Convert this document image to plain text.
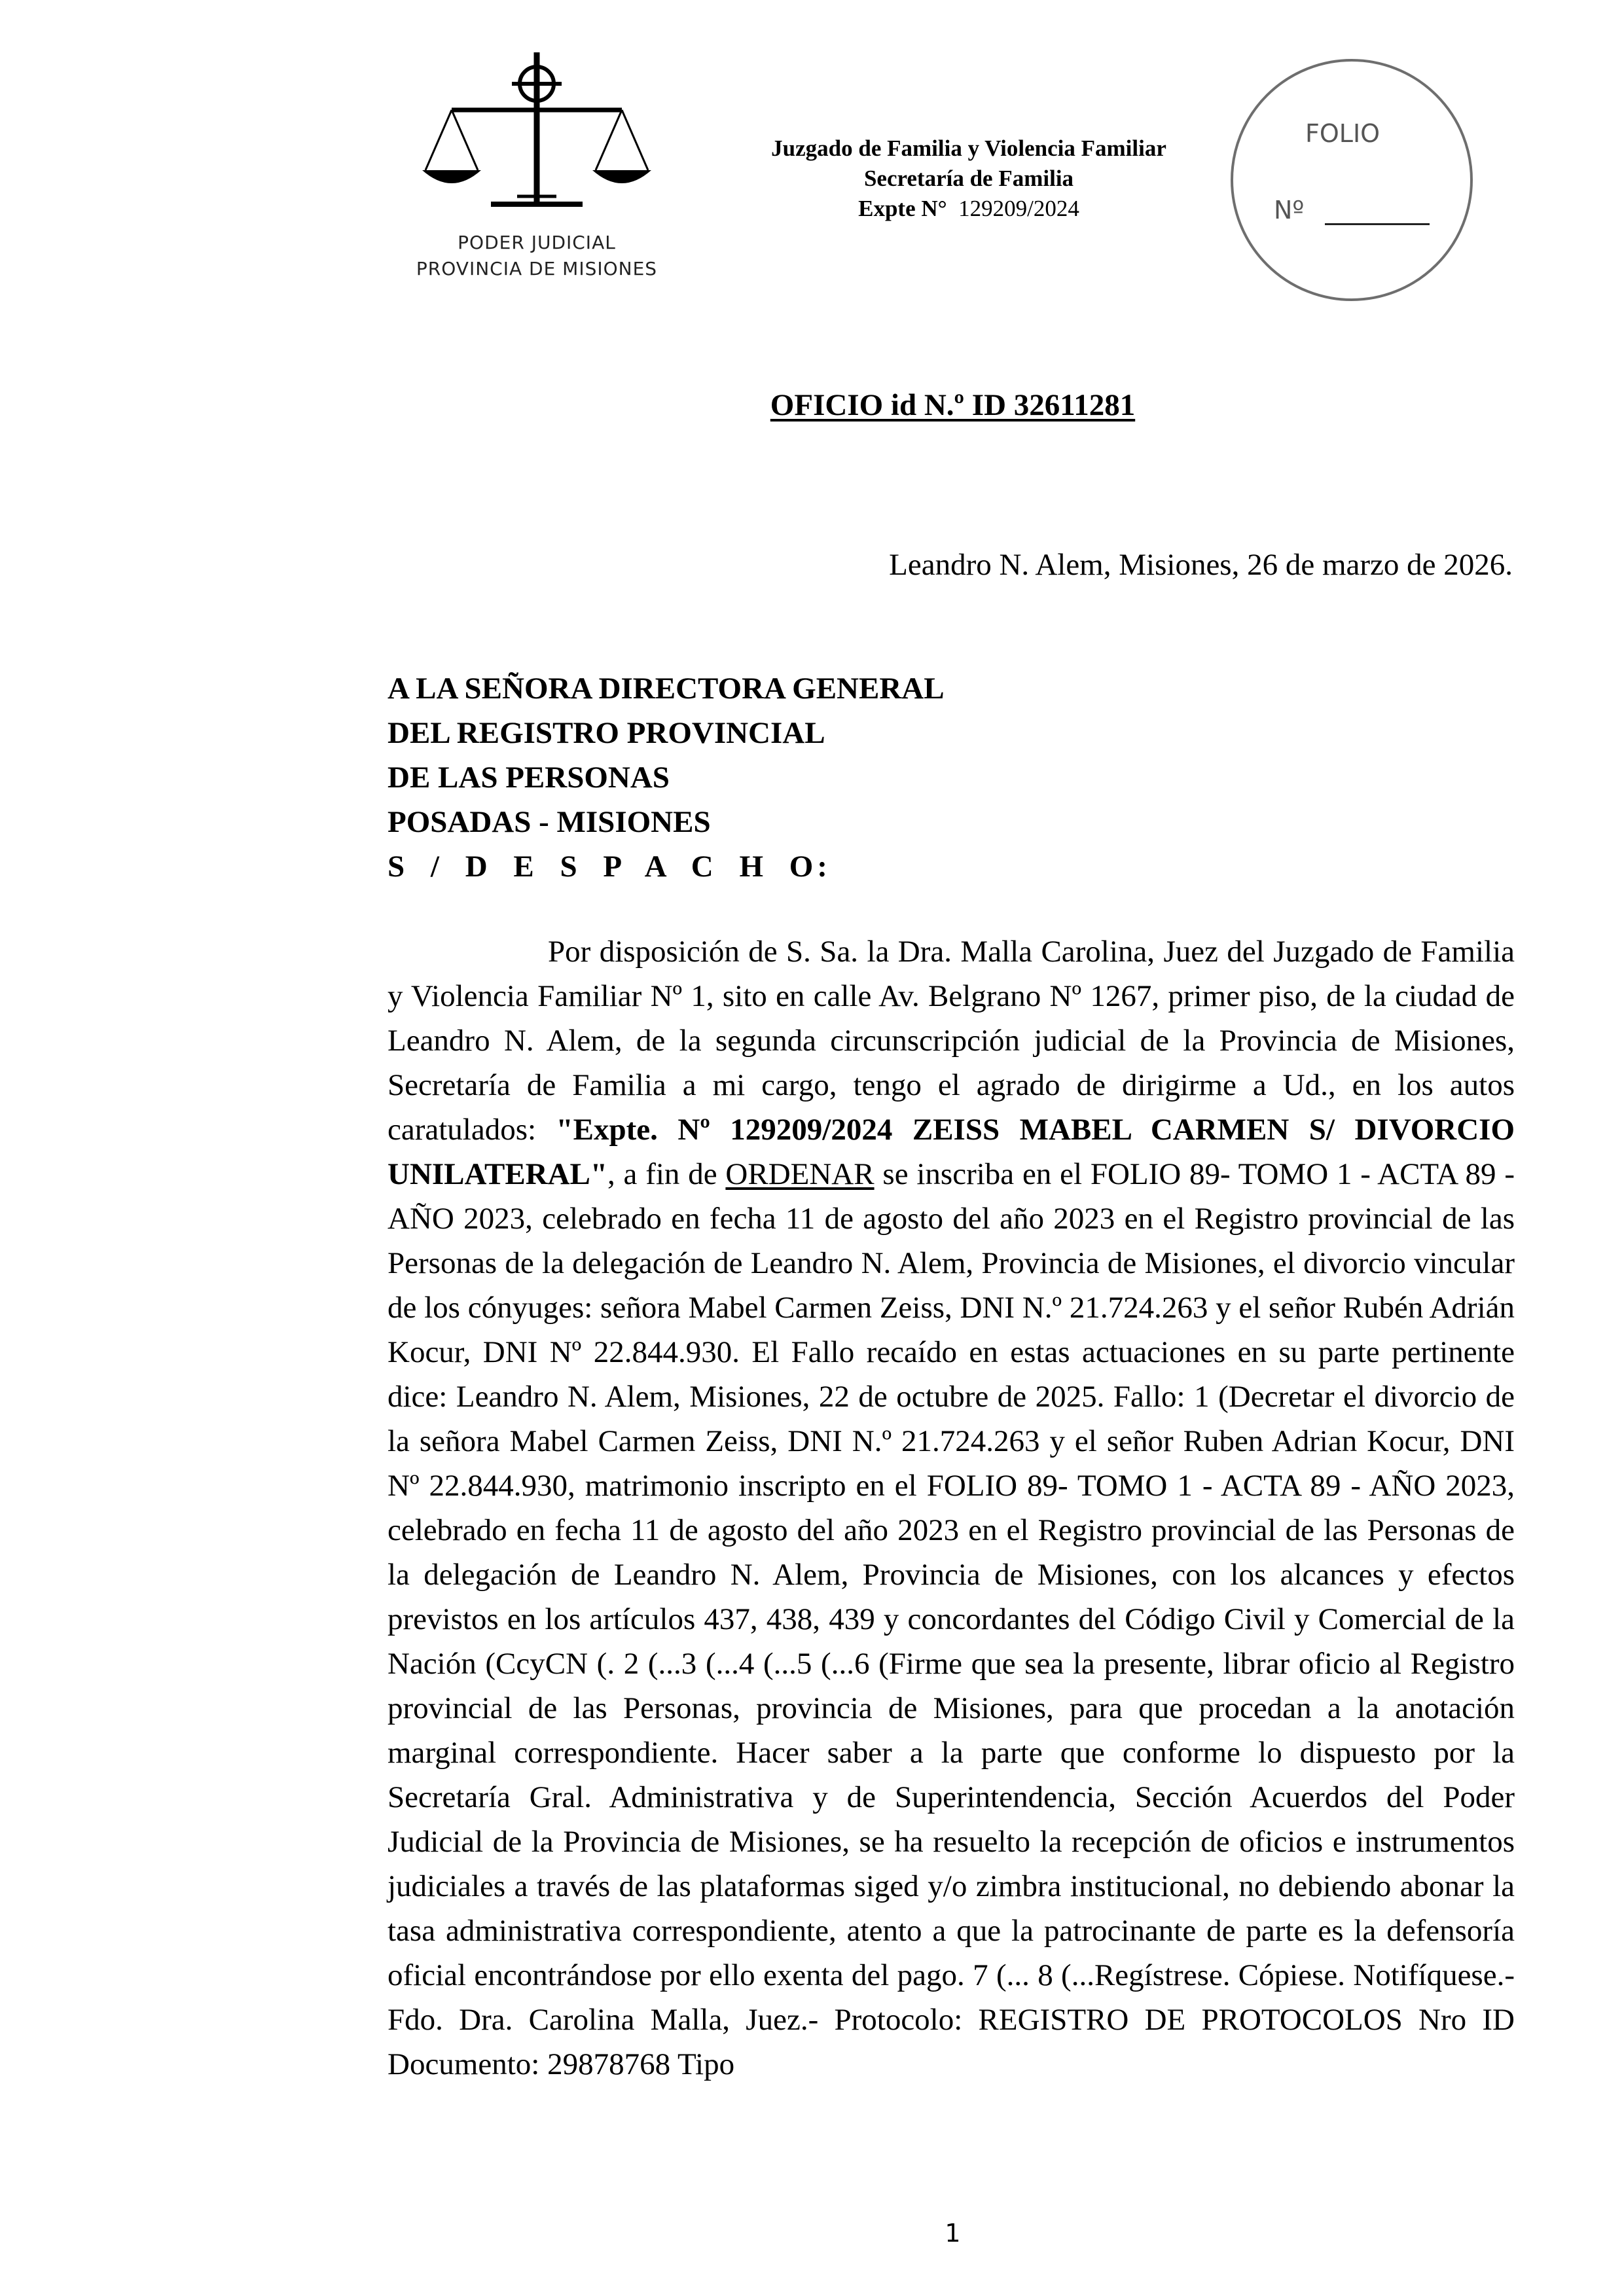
PODER JUDICIAL
PROVINCIA DE MISIONES
Juzgado de Familia y Violencia Familiar
Secretaría de Familia
Expte N° 129209/2024
FOLIO
Nº
OFICIO id N.º ID 32611281
Leandro N. Alem, Misiones, 26 de marzo de 2026.
A LA SEÑORA DIRECTORA GENERAL
DEL REGISTRO PROVINCIAL
DE LAS PERSONAS
POSADAS - MISIONES
S / D E S P A C H O:
Por disposición de S. Sa. la Dra. Malla Carolina, Juez del Juzgado de Familia y Violencia Familiar Nº 1, sito en calle Av. Belgrano Nº 1267, primer piso, de la ciudad de Leandro N. Alem, de la segunda circunscripción judicial de la Provincia de Misiones, Secretaría de Familia a mi cargo, tengo el agrado de dirigirme a Ud., en los autos caratulados: "Expte. Nº 129209/2024 ZEISS MABEL CARMEN S/ DIVORCIO UNILATERAL", a fin de ORDENAR se inscriba en el FOLIO 89- TOMO 1 - ACTA 89 - AÑO 2023, celebrado en fecha 11 de agosto del año 2023 en el Registro provincial de las Personas de la delegación de Leandro N. Alem, Provincia de Misiones, el divorcio vincular de los cónyuges: señora Mabel Carmen Zeiss, DNI N.º 21.724.263 y el señor Rubén Adrián Kocur, DNI Nº 22.844.930. El Fallo recaído en estas actuaciones en su parte pertinente dice: Leandro N. Alem, Misiones, 22 de octubre de 2025. Fallo: 1 (Decretar el divorcio de la señora Mabel Carmen Zeiss, DNI N.º 21.724.263 y el señor Ruben Adrian Kocur, DNI Nº 22.844.930, matrimonio inscripto en el FOLIO 89- TOMO 1 - ACTA 89 - AÑO 2023, celebrado en fecha 11 de agosto del año 2023 en el Registro provincial de las Personas de la delegación de Leandro N. Alem, Provincia de Misiones, con los alcances y efectos previstos en los artículos 437, 438, 439 y concordantes del Código Civil y Comercial de la Nación (CcyCN (. 2 (...3 (...4 (...5 (...6 (Firme que sea la presente, librar oficio al Registro provincial de las Personas, provincia de Misiones, para que procedan a la anotación marginal correspondiente. Hacer saber a la parte que conforme lo dispuesto por la Secretaría Gral. Administrativa y de Superintendencia, Sección Acuerdos del Poder Judicial de la Provincia de Misiones, se ha resuelto la recepción de oficios e instrumentos judiciales a través de las plataformas siged y/o zimbra institucional, no debiendo abonar la tasa administrativa correspondiente, atento a que la patrocinante de parte es la defensoría oficial encontrándose por ello exenta del pago. 7 (... 8 (...Regístrese. Cópiese. Notifíquese.- Fdo. Dra. Carolina Malla, Juez.- Protocolo: REGISTRO DE PROTOCOLOS Nro ID Documento: 29878768 Tipo
1
